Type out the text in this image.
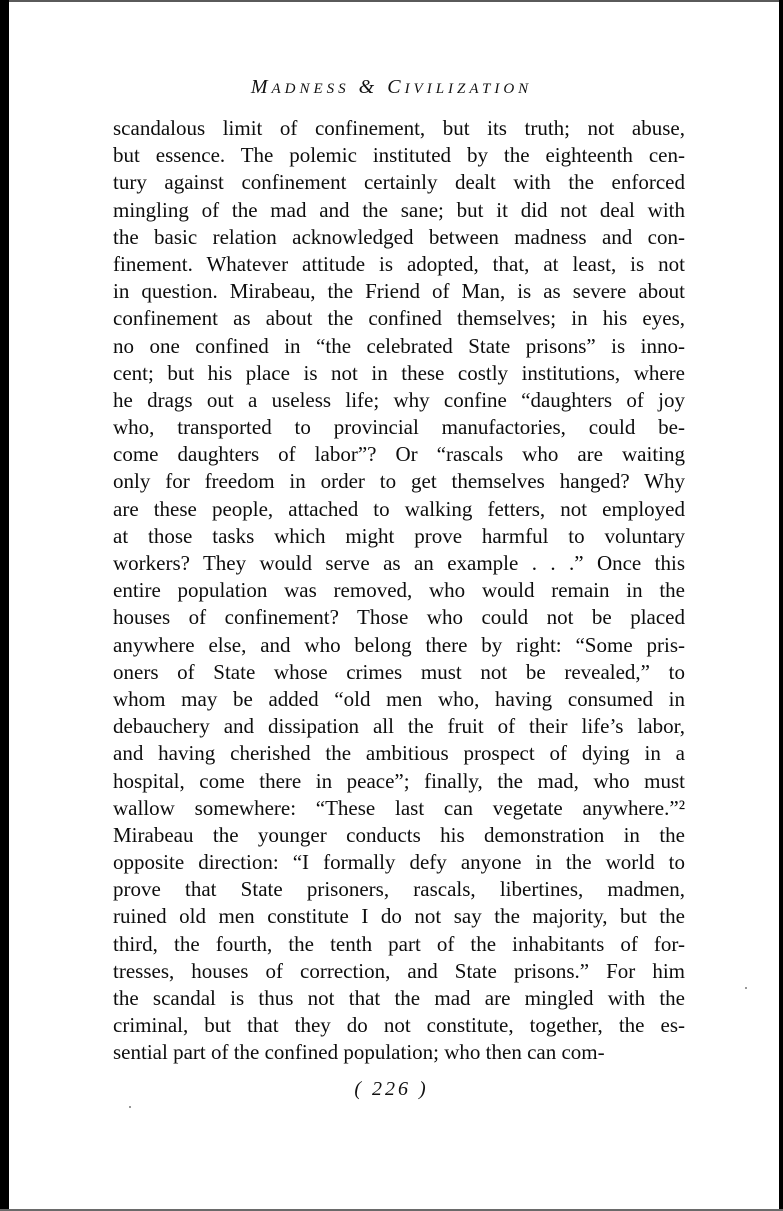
MADNESS & CIVILIZATION
scandalous limit of confinement, but its truth; not abuse,
but essence. The polemic instituted by the eighteenth cen-
tury against confinement certainly dealt with the enforced
mingling of the mad and the sane; but it did not deal with
the basic relation acknowledged between madness and con-
finement. Whatever attitude is adopted, that, at least, is not
in question. Mirabeau, the Friend of Man, is as severe about
confinement as about the confined themselves; in his eyes,
no one confined in “the celebrated State prisons” is inno-
cent; but his place is not in these costly institutions, where
he drags out a useless life; why confine “daughters of joy
who, transported to provincial manufactories, could be-
come daughters of labor”? Or “rascals who are waiting
only for freedom in order to get themselves hanged? Why
are these people, attached to walking fetters, not employed
at those tasks which might prove harmful to voluntary
workers? They would serve as an example . . .” Once this
entire population was removed, who would remain in the
houses of confinement? Those who could not be placed
anywhere else, and who belong there by right: “Some pris-
oners of State whose crimes must not be revealed,” to
whom may be added “old men who, having consumed in
debauchery and dissipation all the fruit of their life’s labor,
and having cherished the ambitious prospect of dying in a
hospital, come there in peace”; finally, the mad, who must
wallow somewhere: “These last can vegetate anywhere.”²
Mirabeau the younger conducts his demonstration in the
opposite direction: “I formally defy anyone in the world to
prove that State prisoners, rascals, libertines, madmen,
ruined old men constitute I do not say the majority, but the
third, the fourth, the tenth part of the inhabitants of for-
tresses, houses of correction, and State prisons.” For him
the scandal is thus not that the mad are mingled with the
criminal, but that they do not constitute, together, the es-
sential part of the confined population; who then can com-
( 226 )
